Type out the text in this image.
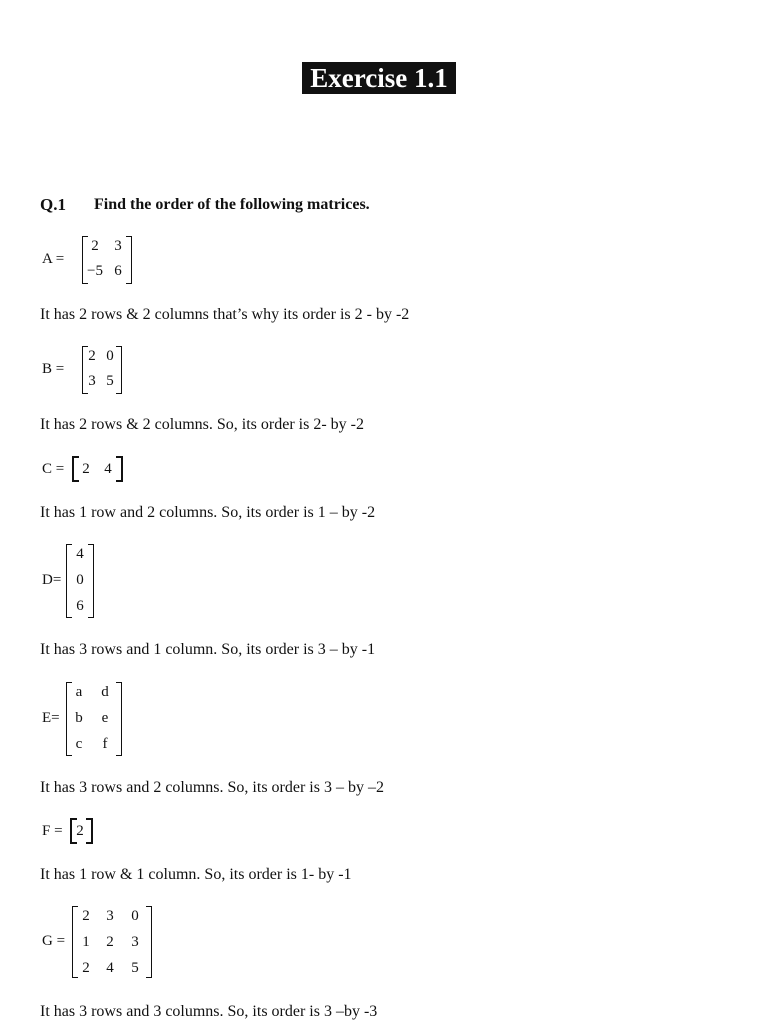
Exercise 1.1
Q.1 Find the order of the following matrices.
A =
2	3
−5 6
It has 2 rows & 2 columns that’s why its order is 2 - by -2
B =
2 0
3 5
It has 2 rows & 2 columns. So, its order is 2- by -2
C =	2 4
It has 1 row and 2 columns. So, its order is 1 – by -2
D=
4
0
6
It has 3 rows and 1 column. So, its order is 3 – by -1
E=
a	d
b	e
c	f
It has 3 rows and 2 columns. So, its order is 3 – by –2
F = 2
It has 1 row & 1 column. So, its order is 1- by -1
G =
2	3	0
1	2	3
2	4	5
It has 3 rows and 3 columns. So, its order is 3 –by -3
